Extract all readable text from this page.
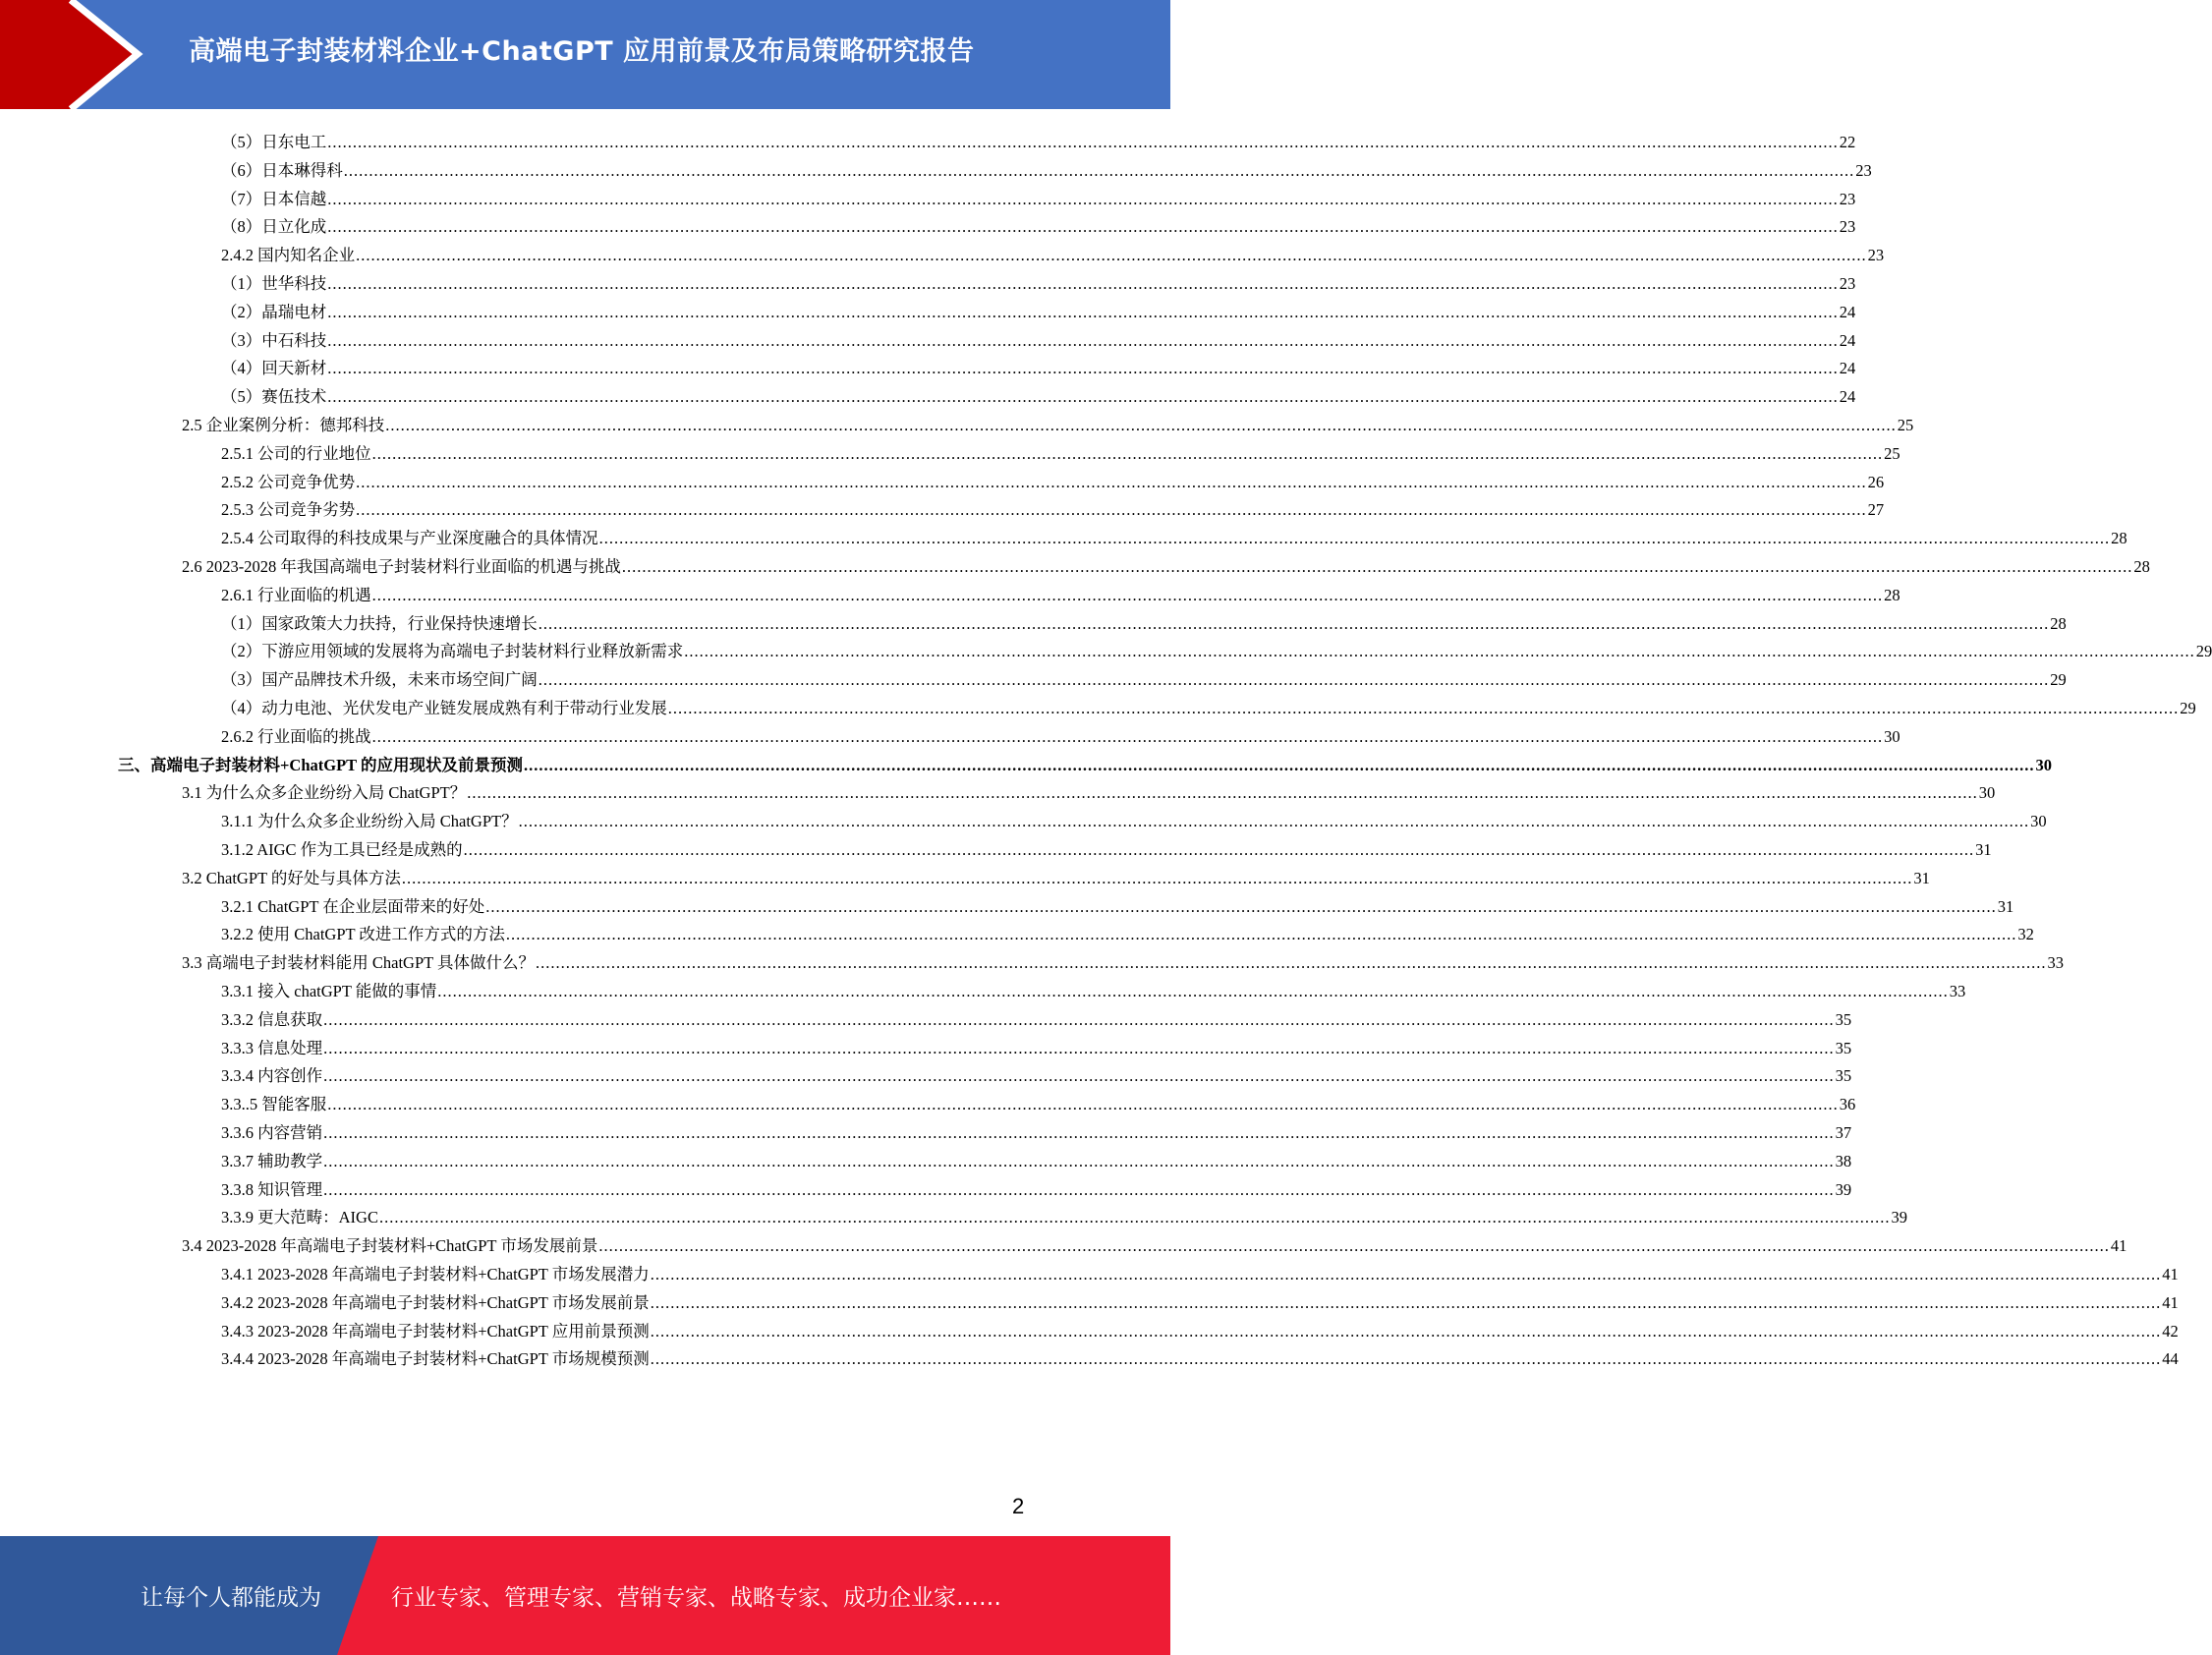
高端电子封装材料企业+ChatGPT 应用前景及布局策略研究报告
（5）日东电工 ............................................................................................................................................................................................................................................................................................................ 22
（6）日本琳得科 ............................................................................................................................................................................................................................................................................................................ 23
（7）日本信越 ............................................................................................................................................................................................................................................................................................................ 23
（8）日立化成 ............................................................................................................................................................................................................................................................................................................ 23
2.4.2 国内知名企业 ............................................................................................................................................................................................................................................................................................................ 23
（1）世华科技 ............................................................................................................................................................................................................................................................................................................ 23
（2）晶瑞电材 ............................................................................................................................................................................................................................................................................................................ 24
（3）中石科技 ............................................................................................................................................................................................................................................................................................................ 24
（4）回天新材 ............................................................................................................................................................................................................................................................................................................ 24
（5）赛伍技术 ............................................................................................................................................................................................................................................................................................................ 24
2.5 企业案例分析：德邦科技 ............................................................................................................................................................................................................................................................................................................ 25
2.5.1 公司的行业地位 ............................................................................................................................................................................................................................................................................................................ 25
2.5.2 公司竞争优势 ............................................................................................................................................................................................................................................................................................................ 26
2.5.3 公司竞争劣势 ............................................................................................................................................................................................................................................................................................................ 27
2.5.4 公司取得的科技成果与产业深度融合的具体情况 ............................................................................................................................................................................................................................................................................................................ 28
2.6 2023-2028 年我国高端电子封装材料行业面临的机遇与挑战 ............................................................................................................................................................................................................................................................................................................ 28
2.6.1 行业面临的机遇 ............................................................................................................................................................................................................................................................................................................ 28
（1）国家政策大力扶持，行业保持快速增长 ............................................................................................................................................................................................................................................................................................................ 28
（2）下游应用领域的发展将为高端电子封装材料行业释放新需求 ............................................................................................................................................................................................................................................................................................................ 29
（3）国产品牌技术升级，未来市场空间广阔 ............................................................................................................................................................................................................................................................................................................ 29
（4）动力电池、光伏发电产业链发展成熟有利于带动行业发展 ............................................................................................................................................................................................................................................................................................................ 29
2.6.2 行业面临的挑战 ............................................................................................................................................................................................................................................................................................................ 30
三、高端电子封装材料+ChatGPT 的应用现状及前景预测 ............................................................................................................................................................................................................................................................................................................ 30
3.1 为什么众多企业纷纷入局 ChatGPT？ ............................................................................................................................................................................................................................................................................................................ 30
3.1.1 为什么众多企业纷纷入局 ChatGPT？ ............................................................................................................................................................................................................................................................................................................ 30
3.1.2 AIGC 作为工具已经是成熟的 ............................................................................................................................................................................................................................................................................................................ 31
3.2 ChatGPT 的好处与具体方法 ............................................................................................................................................................................................................................................................................................................ 31
3.2.1 ChatGPT 在企业层面带来的好处 ............................................................................................................................................................................................................................................................................................................ 31
3.2.2 使用 ChatGPT 改进工作方式的方法 ............................................................................................................................................................................................................................................................................................................ 32
3.3 高端电子封装材料能用 ChatGPT 具体做什么？ ............................................................................................................................................................................................................................................................................................................ 33
3.3.1 接入 chatGPT 能做的事情 ............................................................................................................................................................................................................................................................................................................ 33
3.3.2 信息获取 ............................................................................................................................................................................................................................................................................................................ 35
3.3.3 信息处理 ............................................................................................................................................................................................................................................................................................................ 35
3.3.4 内容创作 ............................................................................................................................................................................................................................................................................................................ 35
3.3..5 智能客服 ............................................................................................................................................................................................................................................................................................................ 36
3.3.6 内容营销 ............................................................................................................................................................................................................................................................................................................ 37
3.3.7 辅助教学 ............................................................................................................................................................................................................................................................................................................ 38
3.3.8 知识管理 ............................................................................................................................................................................................................................................................................................................ 39
3.3.9 更大范畴：AIGC ............................................................................................................................................................................................................................................................................................................ 39
3.4 2023-2028 年高端电子封装材料+ChatGPT 市场发展前景 ............................................................................................................................................................................................................................................................................................................ 41
3.4.1 2023-2028 年高端电子封装材料+ChatGPT 市场发展潜力 ............................................................................................................................................................................................................................................................................................................ 41
3.4.2 2023-2028 年高端电子封装材料+ChatGPT 市场发展前景 ............................................................................................................................................................................................................................................................................................................ 41
3.4.3 2023-2028 年高端电子封装材料+ChatGPT 应用前景预测 ............................................................................................................................................................................................................................................................................................................ 42
3.4.4 2023-2028 年高端电子封装材料+ChatGPT 市场规模预测 ............................................................................................................................................................................................................................................................................................................ 44
2
让每个人都能成为	行业专家、管理专家、营销专家、战略专家、成功企业家……
